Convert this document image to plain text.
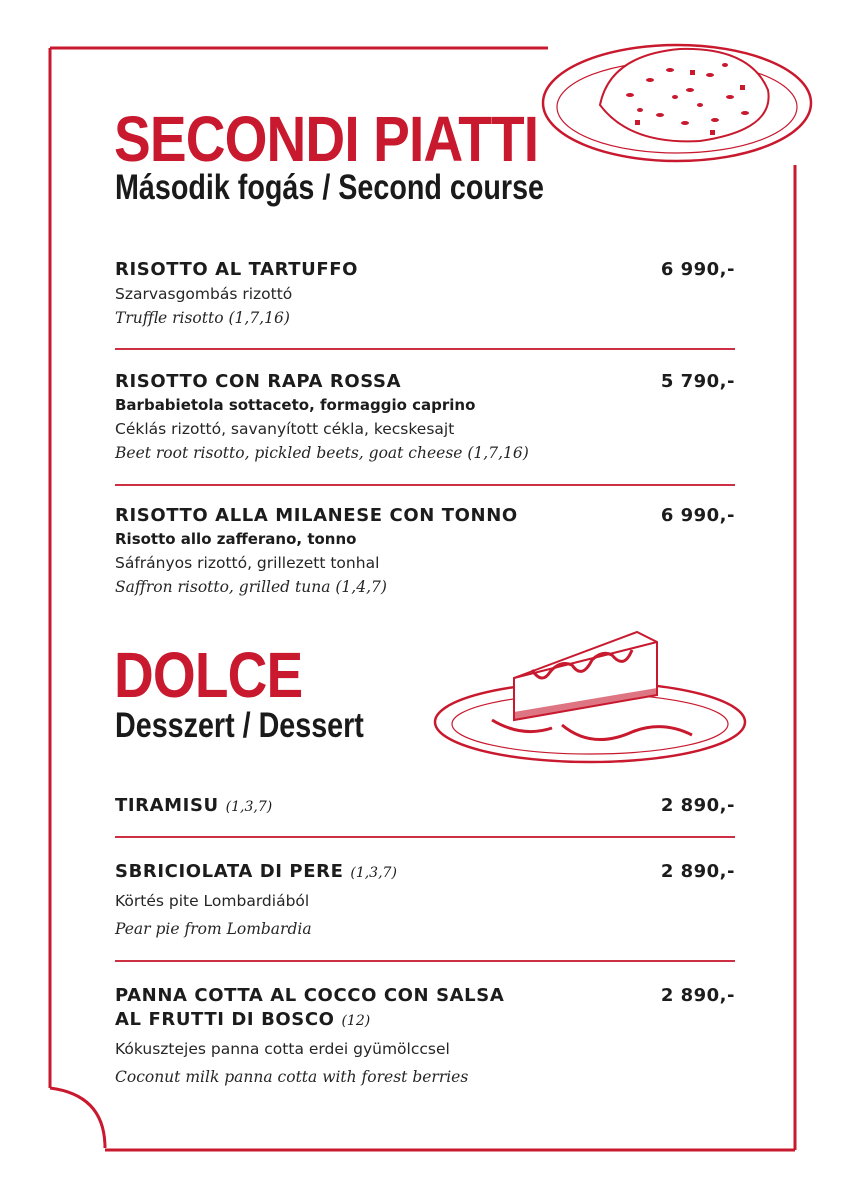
SECONDI PIATTI
Második fogás / Second course
RISOTTO AL TARTUFFO	6 990,-
Szarvasgombás rizottó
Truffle risotto (1,7,16)
RISOTTO CON RAPA ROSSA	5 790,-
Barbabietola sottaceto, formaggio caprino
Céklás rizottó, savanyított cékla, kecskesajt
Beet root risotto, pickled beets, goat cheese (1,7,16)
RISOTTO ALLA MILANESE CON TONNO	6 990,-
Risotto allo zafferano, tonno
Sáfrányos rizottó, grillezett tonhal
Saffron risotto, grilled tuna (1,4,7)
DOLCE
Desszert / Dessert
TIRAMISU (1,3,7)	2 890,-
SBRICIOLATA DI PERE (1,3,7)	2 890,-
Körtés pite Lombardiából
Pear pie from Lombardia
PANNA COTTA AL COCCO CON SALSA
AL FRUTTI DI BOSCO (12)
2 890,-
Kókusztejes panna cotta erdei gyümölccsel
Coconut milk panna cotta with forest berries
